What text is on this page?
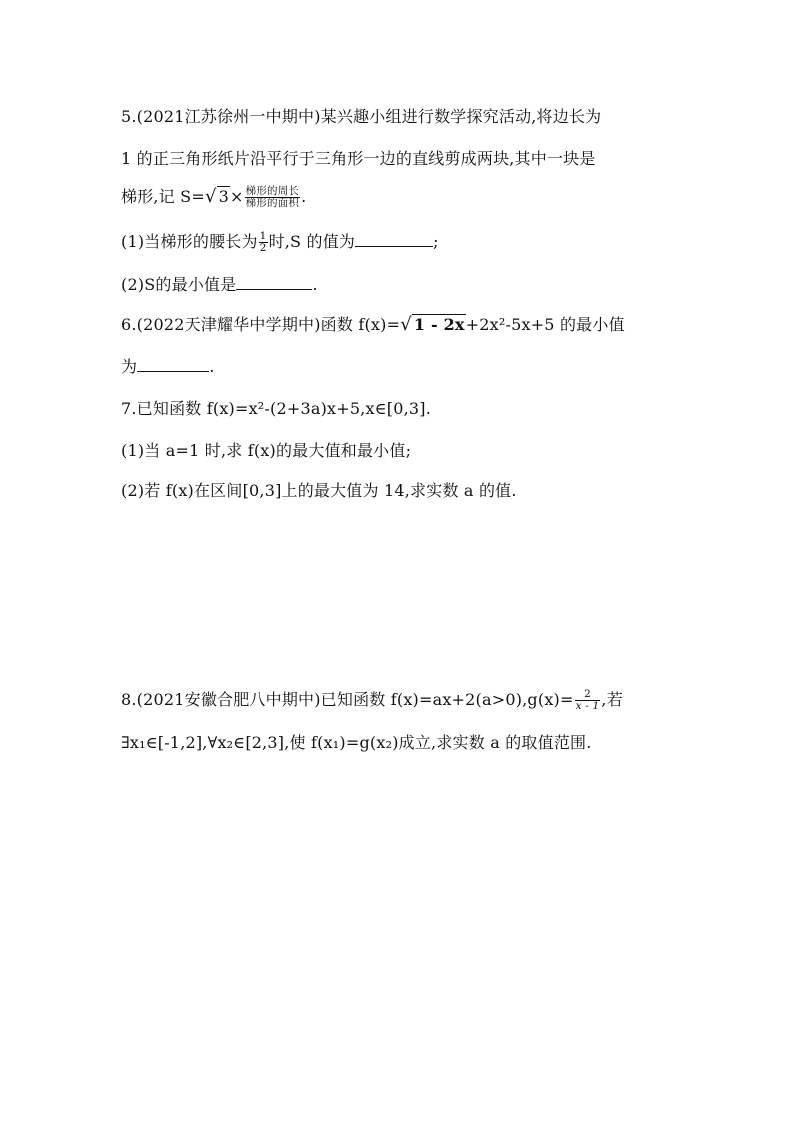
5.(2021江苏徐州一中期中)某兴趣小组进行数学探究活动,将边长为
1 的正三角形纸片沿平行于三角形一边的直线剪成两块,其中一块是
梯形,记 S=√ $3\times \frac{\text{梯形的周长}}{\text{梯形的面积}}$ .
(1)当梯形的腰长为 $\frac{1}{2}$ 时,S 的值为	;
(2)S的最小值是	.
6.(2022天津耀华中学期中)函数 f(x)=√ 1 - 2x+2x²-5x+5 的最小值
为	.
7.已知函数 f(x)=x²-(2+3a)x+5,x∈[0,3].
(1)当 a=1 时,求 f(x)的最大值和最小值;
(2)若 f(x)在区间[0,3]上的最大值为 14,求实数 a 的值.
8.(2021安徽合肥八中期中)已知函数 $f(x)=ax+2(a>0),g(x)= \frac{2}{x - 1}$ ,若
∃x₁∈[-1,2],∀x₂∈[2,3],使 f(x₁)=g(x₂)成立,求实数 a 的取值范围.
